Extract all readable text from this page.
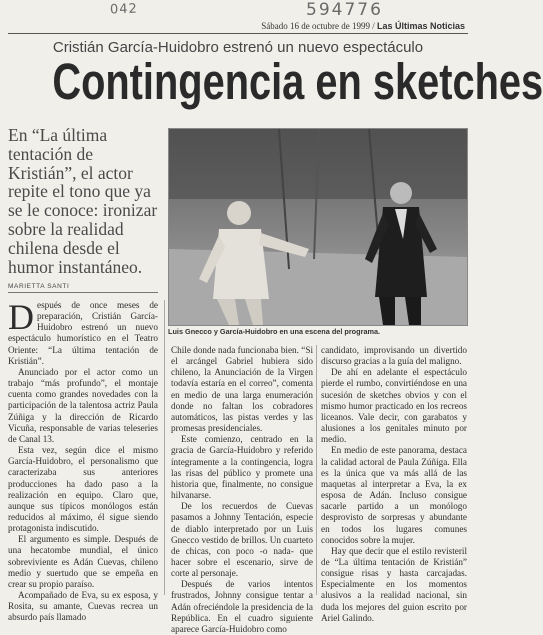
042	594776
Sábado 16 de octubre de 1999 / Las Últimas Noticias
Cristián García-Huidobro estrenó un nuevo espectáculo
Contingencia en sketches
En “La última tentación de Kristián”, el actor repite el tono que ya se le conoce: ironizar sobre la realidad chilena desde el humor instantáneo.
MARIETTA SANTI
Luis Gnecco y García-Huidobro en una escena del programa.

Después de once meses de preparación, Cristián García-Huidobro estrenó un nuevo espectáculo humorístico en el Teatro Oriente: “La última tentación de Kristián”.

Anunciado por el actor como un trabajo “más profundo”, el montaje cuenta como grandes novedades con la participación de la talentosa actriz Paula Zúñiga y la dirección de Ricardo Vicuña, responsable de varias teleseries de Canal 13.

Esta vez, según dice el mismo García-Huidobro, el personalismo que caracterizaba sus anteriores producciones ha dado paso a la realización en equipo. Claro que, aunque sus típicos monólogos están reducidos al máximo, él sigue siendo protagonista indiscutido.

El argumento es simple. Después de una hecatombe mundial, el único sobreviviente es Adán Cuevas, chileno medio y suertudo que se empeña en crear su propio paraíso.

Acompañado de Eva, su ex esposa, y Rosita, su amante, Cuevas recrea un absurdo país llamado

Chile donde nada funcionaba bien. “Si el arcángel Gabriel hubiera sido chileno, la Anunciación de la Virgen todavía estaría en el correo”, comenta en medio de una larga enumeración donde no faltan los cobradores automáticos, las pistas verdes y las promesas presidenciales.

Este comienzo, centrado en la gracia de García-Huidobro y referido íntegramente a la contingencia, logra las risas del público y promete una historia que, finalmente, no consigue hilvanarse.

De los recuerdos de Cuevas pasamos a Johnny Tentación, especie de diablo interpretado por un Luis Gnecco vestido de brillos. Un cuarteto de chicas, con poco -o nada- que hacer sobre el escenario, sirve de corte al personaje.

Después de varios intentos frustrados, Johnny consigue tentar a Adán ofreciéndole la presidencia de la República. En el cuadro siguiente aparece García-Huidobro como

candidato, improvisando un divertido discurso gracias a la guía del maligno.

De ahí en adelante el espectáculo pierde el rumbo, convirtiéndose en una sucesión de sketches obvios y con el mismo humor practicado en los recreos liceanos. Vale decir, con garabatos y alusiones a los genitales minuto por medio.

En medio de este panorama, destaca la calidad actoral de Paula Zúñiga. Ella es la única que va más allá de las maquetas al interpretar a Eva, la ex esposa de Adán. Incluso consigue sacarle partido a un monólogo desprovisto de sorpresas y abundante en todos los lugares comunes conocidos sobre la mujer.

Hay que decir que el estilo revisteril de “La última tentación de Kristián” consigue risas y hasta carcajadas. Especialmente en los momentos alusivos a la realidad nacional, sin duda los mejores del guion escrito por Ariel Galindo.
